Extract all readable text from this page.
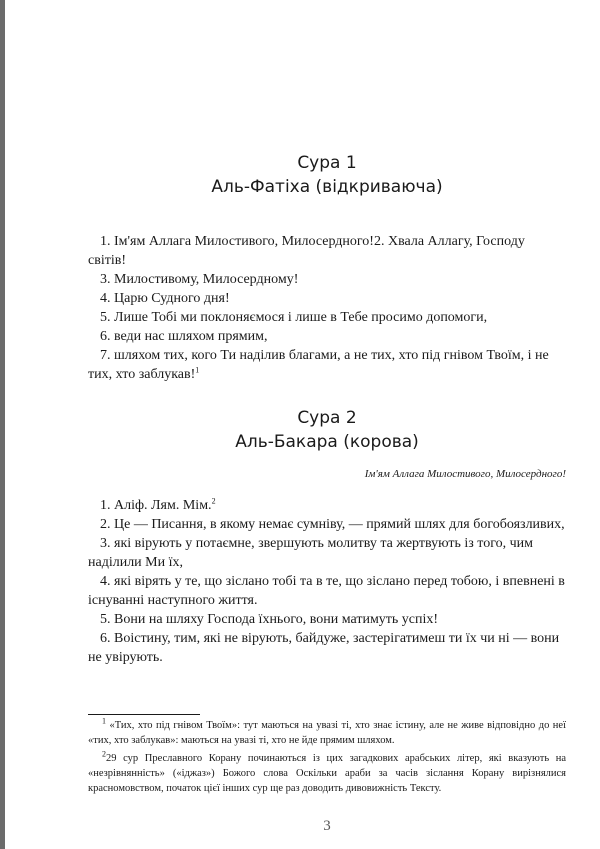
Сура 1
Аль-Фатіха (відкриваюча)

1. Ім'ям Аллага Милостивого, Милосердного!2. Хвала Аллагу, Господу світів!

3. Милостивому, Милосердному!

4. Царю Судного дня!

5. Лише Тобі ми поклоняємося і лише в Тебе просимо допомоги,

6. веди нас шляхом прямим,

7. шляхом тих, кого Ти наділив благами, а не тих, хто під гнівом Твоїм, і не тих, хто заблукав!$^1$

Сура 2
Аль-Бакара (корова)
Ім'ям Аллага Милостивого, Милосердного!

1. Аліф. Лям. Мім.$^2$

2. Це — Писання, в якому немає сумніву, — прямий шлях для богобоязливих,

3. які вірують у потаємне, звершують молитву та жертвують із того, чим наділили Ми їх,

4. які вірять у те, що зіслано тобі та в те, що зіслано перед тобою, і впевнені в існуванні наступного життя.

5. Вони на шляху Господа їхнього, вони матимуть успіх!

6. Воістину, тим, які не вірують, байдуже, застерігатимеш ти їх чи ні — вони не увірують.

$^1$ «Тих, хто під гнівом Твоїм»: тут маються на увазі ті, хто знає істину, але не живе відповідно до неї «тих, хто заблукав»: маються на увазі ті, хто не йде прямим шляхом.

$^2$29 сур Преславного Корану починаються із цих загадкових арабських літер, які вказують на «незрівнянність» («іджаз») Божого слова Оскільки араби за часів зіслання Корану вирізнялися красномовством, початок цієї інших сур ще раз доводить дивовижність Тексту.

3
